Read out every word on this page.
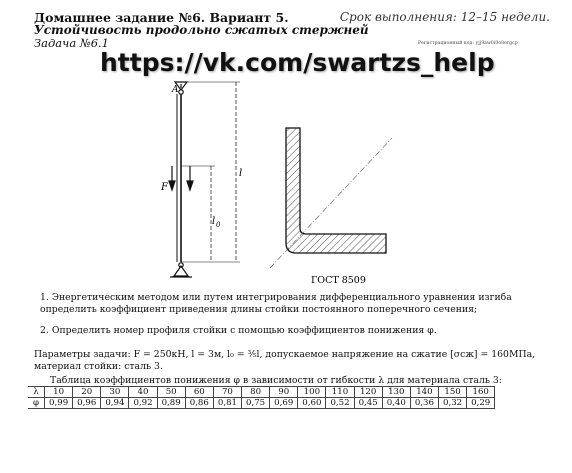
Домашнее задание №6. Вариант 5.
Устойчивость продольно сжатых стержней
Задача №6.1
Срок выполнения: 12–15 недели.
Регистрационный код: yjj9aw0i0o8ergcp
https://vk.com/swartzs_help
A
F
l
l 0
ГОСТ 8509
1. Энергетическим методом или путем интегрирования дифференциального уравнения изгиба определить коэффициент приведения длины стойки постоянного поперечного сечения;
2. Определить номер профиля стойки с помощью коэффициентов понижения φ.
Параметры задачи: F = 250кН, l = 3м, l₀ = ⅗l, допускаемое напряжение на сжатие [σсж] = 160МПа, материал стойки: сталь 3.
Таблица коэффициентов понижения φ в зависимости от гибкости λ для материала сталь 3:
λ	10	20	30	40	50	60	70	80	90	100	110	120	130	140	150	160
φ	0,99	0,96	0,94	0,92	0,89	0,86	0,81	0,75	0,69	0,60	0,52	0,45	0,40	0,36	0,32	0,29
